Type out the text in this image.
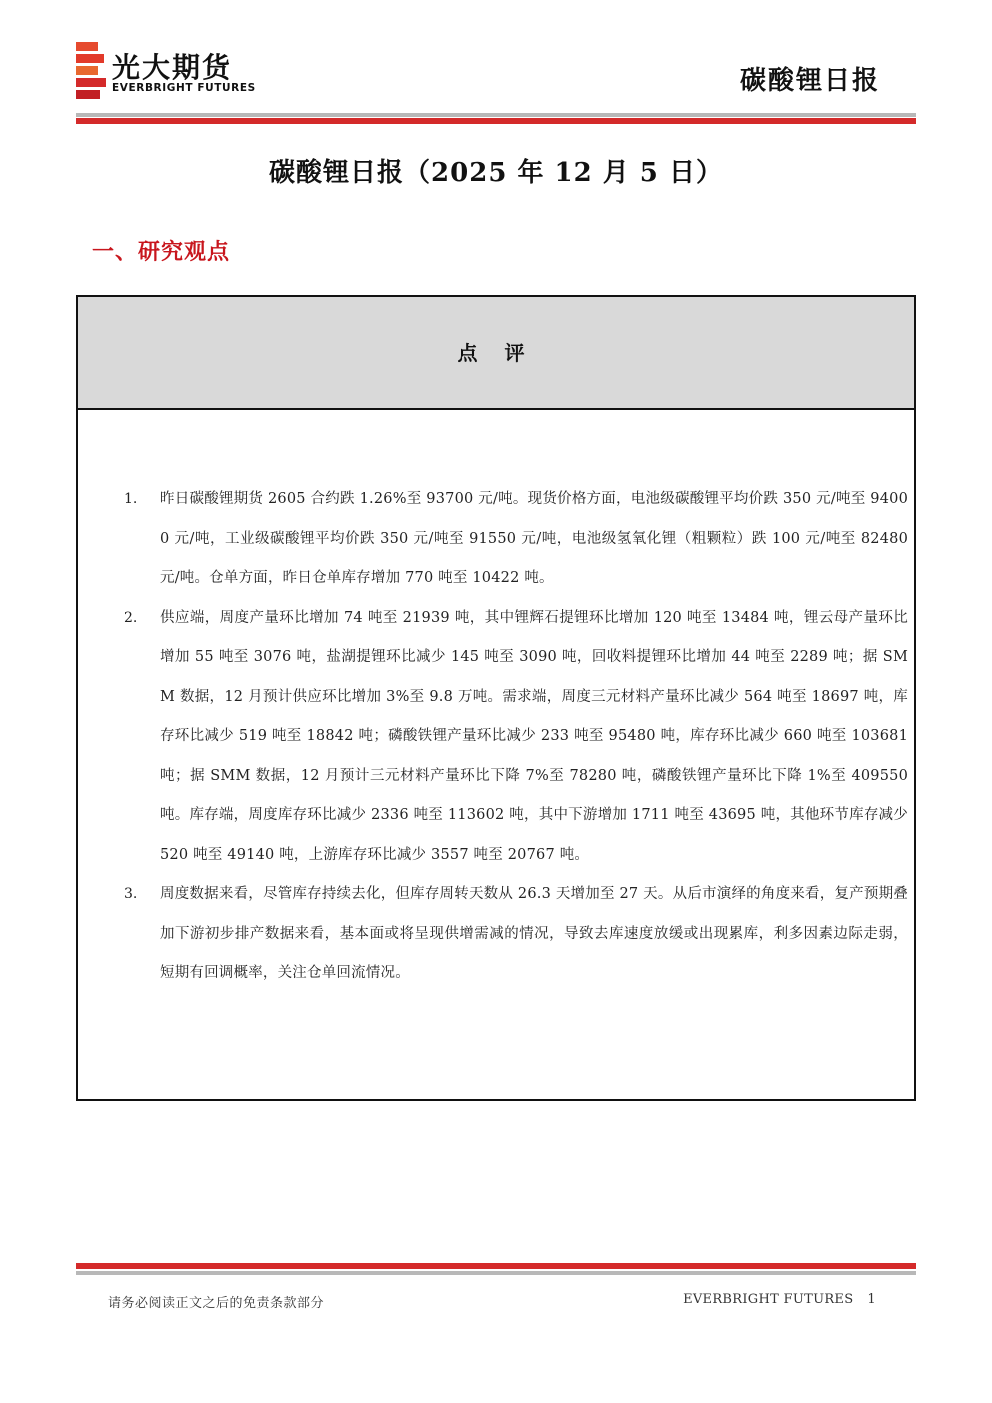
光大期货
EVERBRIGHT FUTURES	碳酸锂日报
碳酸锂日报（2025 年 12 月 5 日）
一、研究观点
点 评
1.	昨日碳酸锂期货 2605 合约跌 1.26%至 93700 元/吨。现货价格方面，电池级碳酸锂平均价跌 350 元/吨至 94000 元/吨，工业级碳酸锂平均价跌 350 元/吨至 91550 元/吨，电池级氢氧化锂（粗颗粒）跌 100 元/吨至 82480 元/吨。仓单方面，昨日仓单库存增加 770 吨至 10422 吨。
2.	供应端，周度产量环比增加 74 吨至 21939 吨，其中锂辉石提锂环比增加 120 吨至 13484 吨，锂云母产量环比增加 55 吨至 3076 吨，盐湖提锂环比减少 145 吨至 3090 吨，回收料提锂环比增加 44 吨至 2289 吨；据 SMM 数据，12 月预计供应环比增加 3%至 9.8 万吨。需求端，周度三元材料产量环比减少 564 吨至 18697 吨，库存环比减少 519 吨至 18842 吨；磷酸铁锂产量环比减少 233 吨至 95480 吨，库存环比减少 660 吨至 103681 吨；据 SMM 数据，12 月预计三元材料产量环比下降 7%至 78280 吨，磷酸铁锂产量环比下降 1%至 409550 吨。库存端，周度库存环比减少 2336 吨至 113602 吨，其中下游增加 1711 吨至 43695 吨，其他环节库存减少 520 吨至 49140 吨，上游库存环比减少 3557 吨至 20767 吨。
3.	周度数据来看，尽管库存持续去化，但库存周转天数从 26.3 天增加至 27 天。从后市演绎的角度来看，复产预期叠加下游初步排产数据来看，基本面或将呈现供增需减的情况，导致去库速度放缓或出现累库，利多因素边际走弱，短期有回调概率，关注仓单回流情况。
请务必阅读正文之后的免责条款部分	EVERBRIGHT FUTURES 1
